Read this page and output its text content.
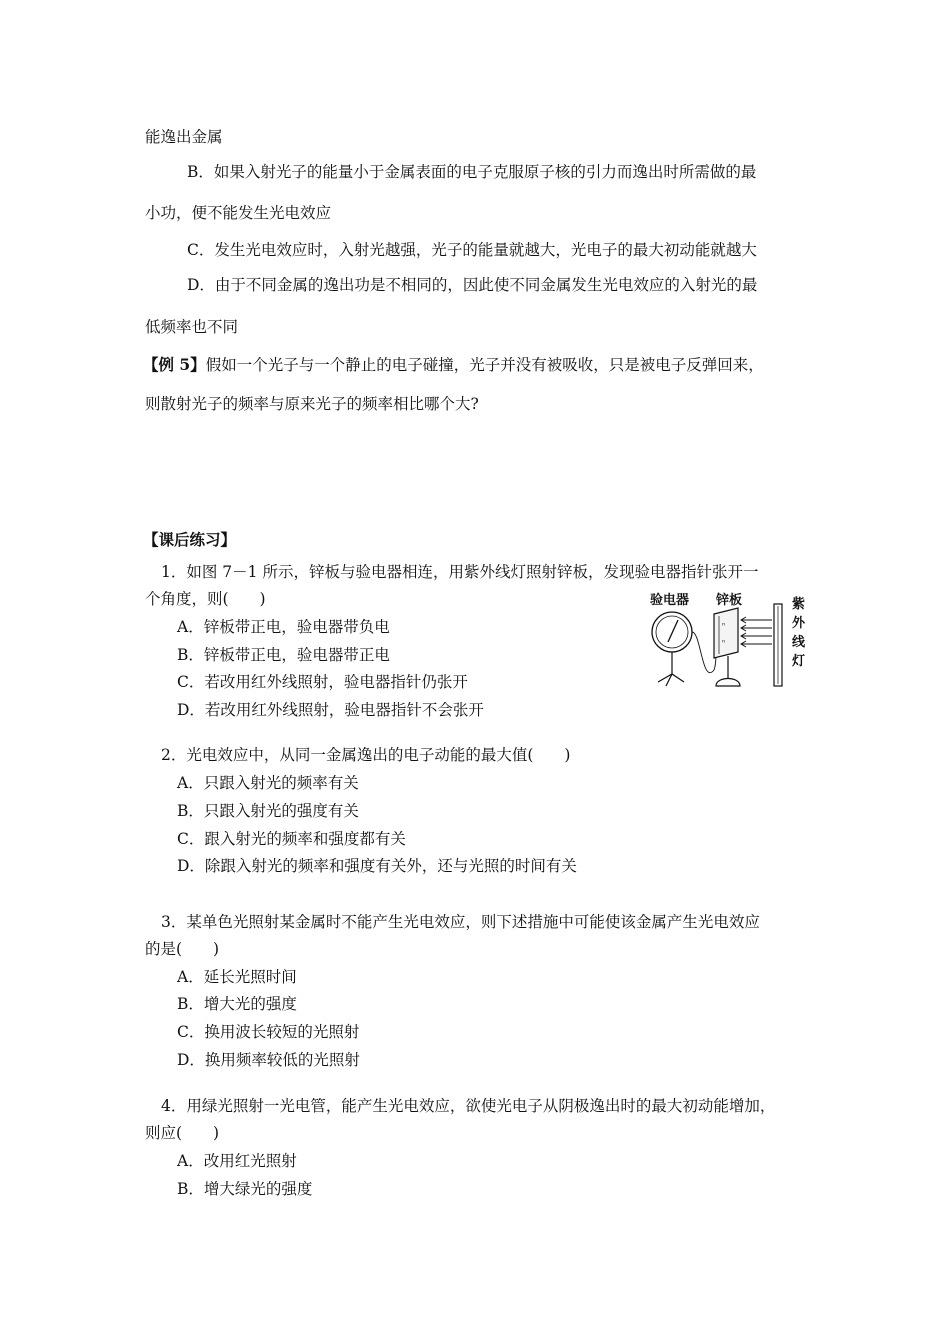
能逸出金属
B．如果入射光子的能量小于金属表面的电子克服原子核的引力而逸出时所需做的最
小功，便不能发生光电效应
C．发生光电效应时，入射光越强，光子的能量就越大，光电子的最大初动能就越大
D．由于不同金属的逸出功是不相同的，因此使不同金属发生光电效应的入射光的最
低频率也不同
【例 5】假如一个光子与一个静止的电子碰撞，光子并没有被吸收，只是被电子反弹回来，
则散射光子的频率与原来光子的频率相比哪个大?
【课后练习】
1．如图 7－1 所示，锌板与验电器相连，用紫外线灯照射锌板，发现验电器指针张开一
个角度，则(　　)
A．锌板带正电，验电器带负电
B．锌板带正电，验电器带正电
C．若改用红外线照射，验电器指针仍张开
D．若改用红外线照射，验电器指针不会张开
验电器 锌板
ⁿ
ⁿ
紫外线灯
2．光电效应中，从同一金属逸出的电子动能的最大值(　　)
A．只跟入射光的频率有关
B．只跟入射光的强度有关
C．跟入射光的频率和强度都有关
D．除跟入射光的频率和强度有关外，还与光照的时间有关
3．某单色光照射某金属时不能产生光电效应，则下述措施中可能使该金属产生光电效应
的是(　　)
A．延长光照时间
B．增大光的强度
C．换用波长较短的光照射
D．换用频率较低的光照射
4．用绿光照射一光电管，能产生光电效应，欲使光电子从阴极逸出时的最大初动能增加，
则应(　　)
A．改用红光照射
B．增大绿光的强度
